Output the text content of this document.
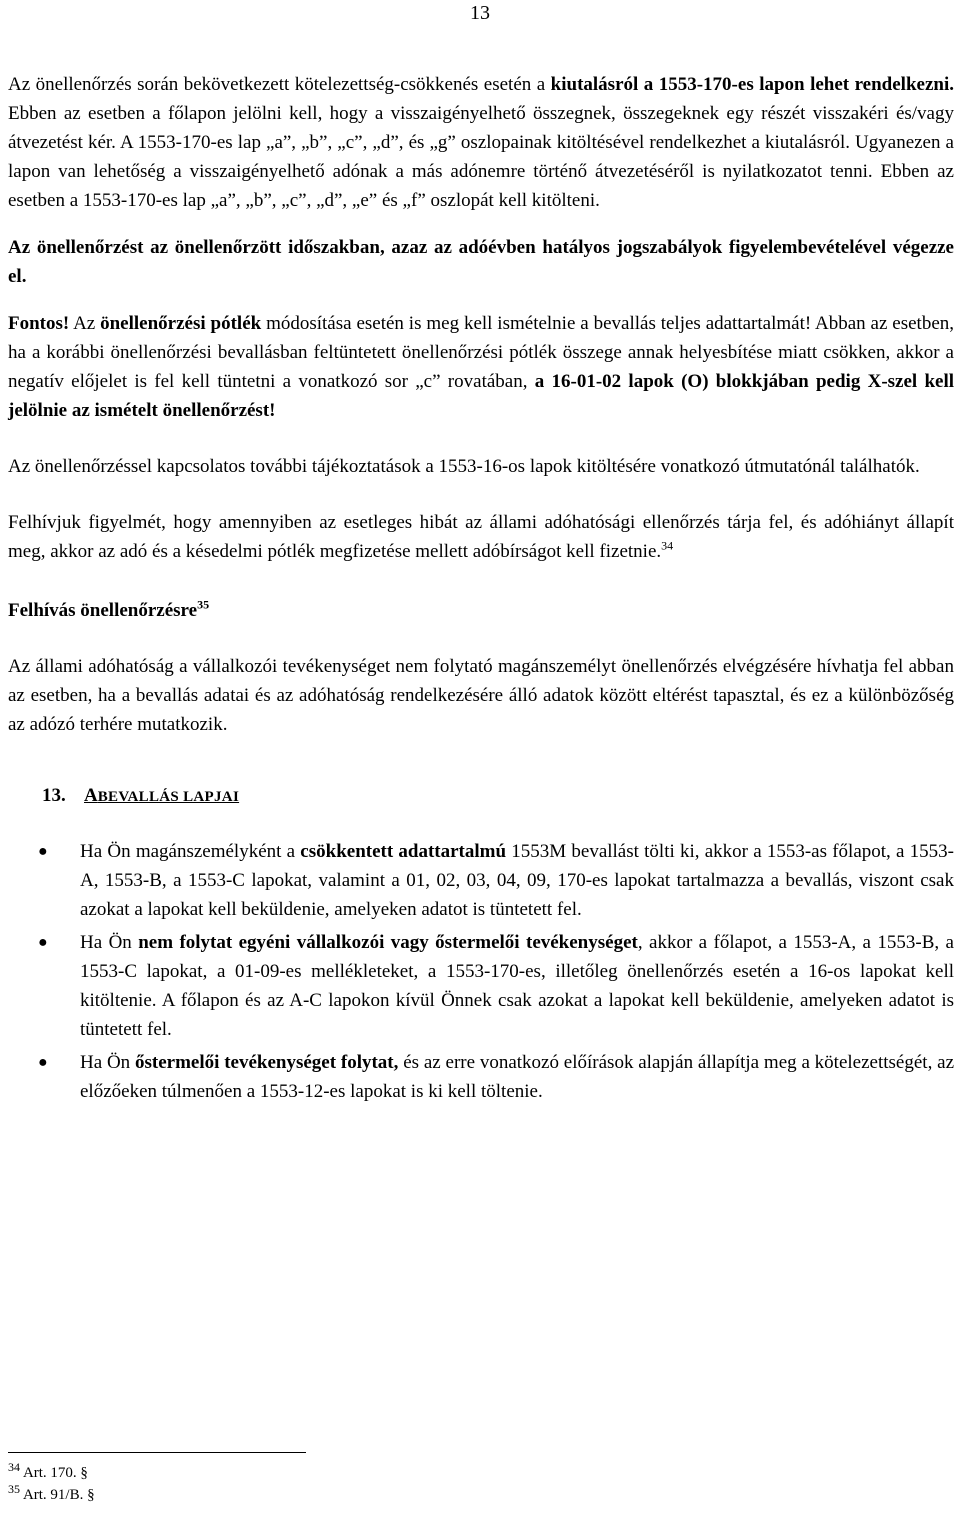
13

Az önellenőrzés során bekövetkezett kötelezettség-csökkenés esetén a kiutalásról a 1553-170-es lapon lehet rendelkezni. Ebben az esetben a főlapon jelölni kell, hogy a visszaigényelhető összegnek, összegeknek egy részét visszakéri és/vagy átvezetést kér. A 1553-170-es lap „a”, „b”, „c”, „d”, és „g” oszlopainak kitöltésével rendelkezhet a kiutalásról. Ugyanezen a lapon van lehetőség a visszaigényelhető adónak a más adónemre történő átvezetéséről is nyilatkozatot tenni. Ebben az esetben a 1553-170-es lap „a”, „b”, „c”, „d”, „e” és „f” oszlopát kell kitölteni.

Az önellenőrzést az önellenőrzött időszakban, azaz az adóévben hatályos jogszabályok figyelembevételével végezze el.

Fontos! Az önellenőrzési pótlék módosítása esetén is meg kell ismételnie a bevallás teljes adattartalmát! Abban az esetben, ha a korábbi önellenőrzési bevallásban feltüntetett önellenőrzési pótlék összege annak helyesbítése miatt csökken, akkor a negatív előjelet is fel kell tüntetni a vonatkozó sor „c” rovatában, a 16-01-02 lapok (O) blokkjában pedig X-szel kell jelölnie az ismételt önellenőrzést!

Az önellenőrzéssel kapcsolatos további tájékoztatások a 1553-16-os lapok kitöltésére vonatkozó útmutatónál találhatók.

Felhívjuk figyelmét, hogy amennyiben az esetleges hibát az állami adóhatósági ellenőrzés tárja fel, és adóhiányt állapít meg, akkor az adó és a késedelmi pótlék megfizetése mellett adóbírságot kell fizetnie.$^{34}$

Felhívás önellenőrzésre$^{35}$

Az állami adóhatóság a vállalkozói tevékenységet nem folytató magánszemélyt önellenőrzés elvégzésére hívhatja fel abban az esetben, ha a bevallás adatai és az adóhatóság rendelkezésére álló adatok között eltérést tapasztal, és ez a különbözőség az adózó terhére mutatkozik.

13. A BEVALLÁS LAPJAI
● Ha Ön magánszemélyként a csökkentett adattartalmú 1553M bevallást tölti ki, akkor a 1553-as főlapot, a 1553-A, 1553-B, a 1553-C lapokat, valamint a 01, 02, 03, 04, 09, 170-es lapokat tartalmazza a bevallás, viszont csak azokat a lapokat kell beküldenie, amelyeken adatot is tüntetett fel.
● Ha Ön nem folytat egyéni vállalkozói vagy őstermelői tevékenységet, akkor a főlapot, a 1553-A, a 1553-B, a 1553-C lapokat, a 01-09-es mellékleteket, a 1553-170-es, illetőleg önellenőrzés esetén a 16-os lapokat kell kitöltenie. A főlapon és az A-C lapokon kívül Önnek csak azokat a lapokat kell beküldenie, amelyeken adatot is tüntetett fel.
● Ha Ön őstermelői tevékenységet folytat, és az erre vonatkozó előírások alapján állapítja meg a kötelezettségét, az előzőeken túlmenően a 1553-12-es lapokat is ki kell töltenie.
$^{34}$ Art. 170. §
$^{35}$ Art. 91/B. §
